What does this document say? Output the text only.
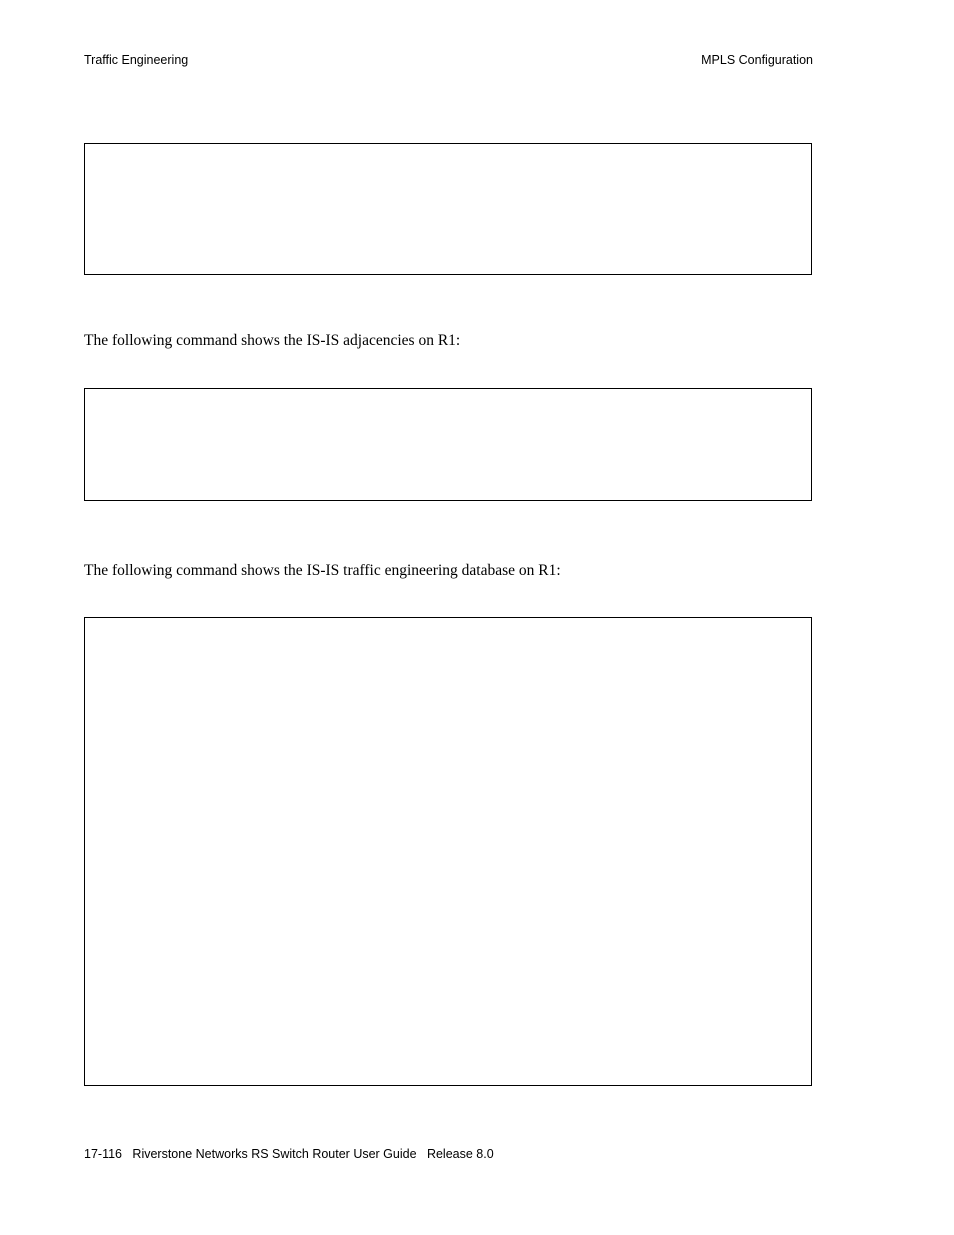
Traffic Engineering	MPLS Configuration
The following command shows the IS-IS adjacencies on R1:
The following command shows the IS-IS traffic engineering database on R1:
17-116   Riverstone Networks RS Switch Router User Guide   Release 8.0
